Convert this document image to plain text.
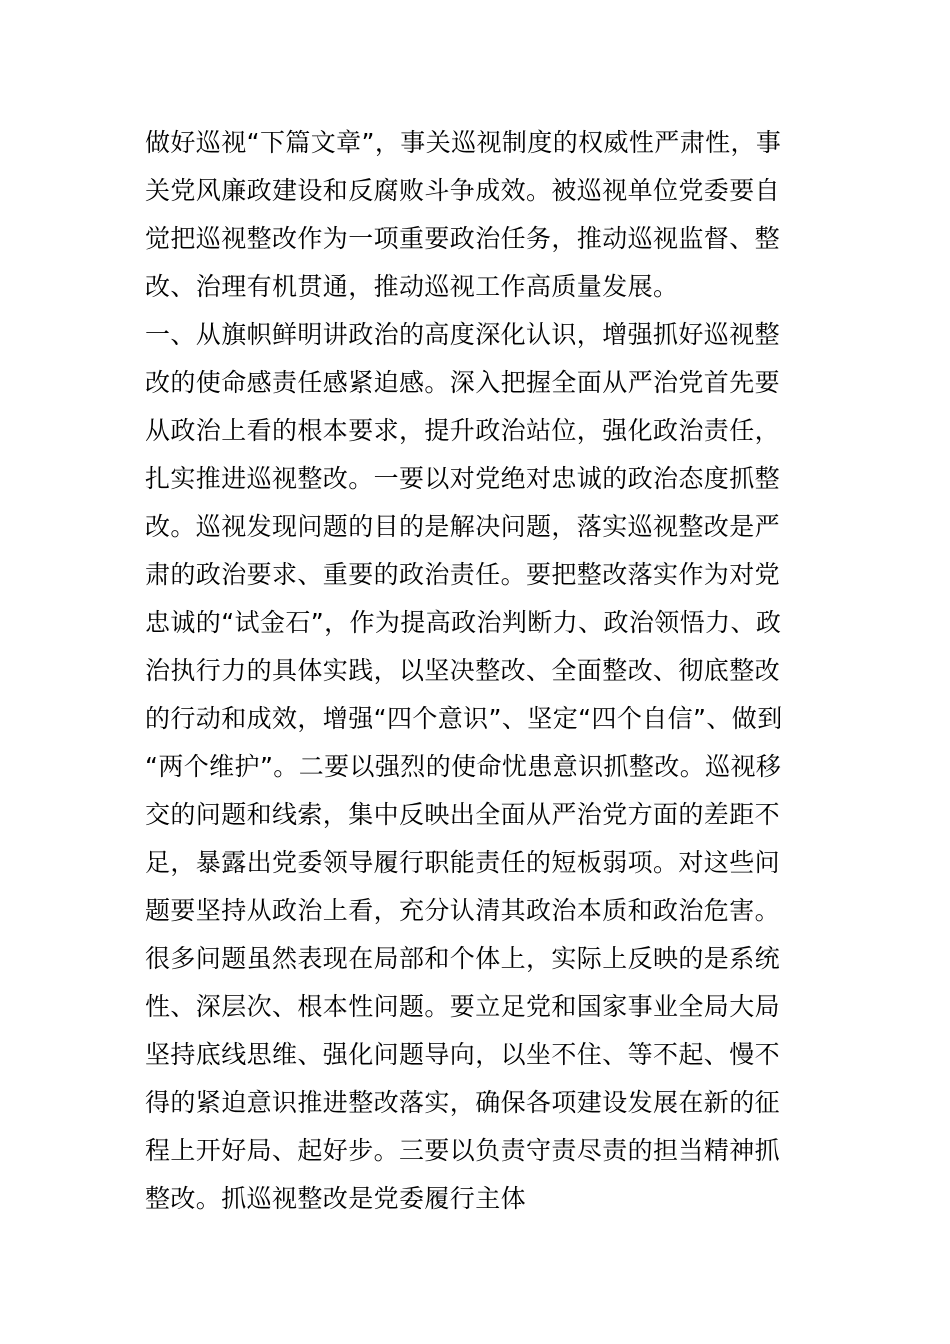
做好巡视“下篇文章”，事关巡视制度的权威性严肃性，事
关党风廉政建设和反腐败斗争成效。被巡视单位党委要自
觉把巡视整改作为一项重要政治任务，推动巡视监督、整
改、治理有机贯通，推动巡视工作高质量发展。
一、从旗帜鲜明讲政治的高度深化认识，增强抓好巡视整
改的使命感责任感紧迫感。深入把握全面从严治党首先要
从政治上看的根本要求，提升政治站位，强化政治责任，
扎实推进巡视整改。一要以对党绝对忠诚的政治态度抓整
改。巡视发现问题的目的是解决问题，落实巡视整改是严
肃的政治要求、重要的政治责任。要把整改落实作为对党
忠诚的“试金石”，作为提高政治判断力、政治领悟力、政
治执行力的具体实践，以坚决整改、全面整改、彻底整改
的行动和成效，增强“四个意识”、坚定“四个自信”、做到
“两个维护”。二要以强烈的使命忧患意识抓整改。巡视移
交的问题和线索，集中反映出全面从严治党方面的差距不
足，暴露出党委领导履行职能责任的短板弱项。对这些问
题要坚持从政治上看，充分认清其政治本质和政治危害。
很多问题虽然表现在局部和个体上，实际上反映的是系统
性、深层次、根本性问题。要立足党和国家事业全局大局
坚持底线思维、强化问题导向，以坐不住、等不起、慢不
得的紧迫意识推进整改落实，确保各项建设发展在新的征
程上开好局、起好步。三要以负责守责尽责的担当精神抓
整改。抓巡视整改是党委履行主体
